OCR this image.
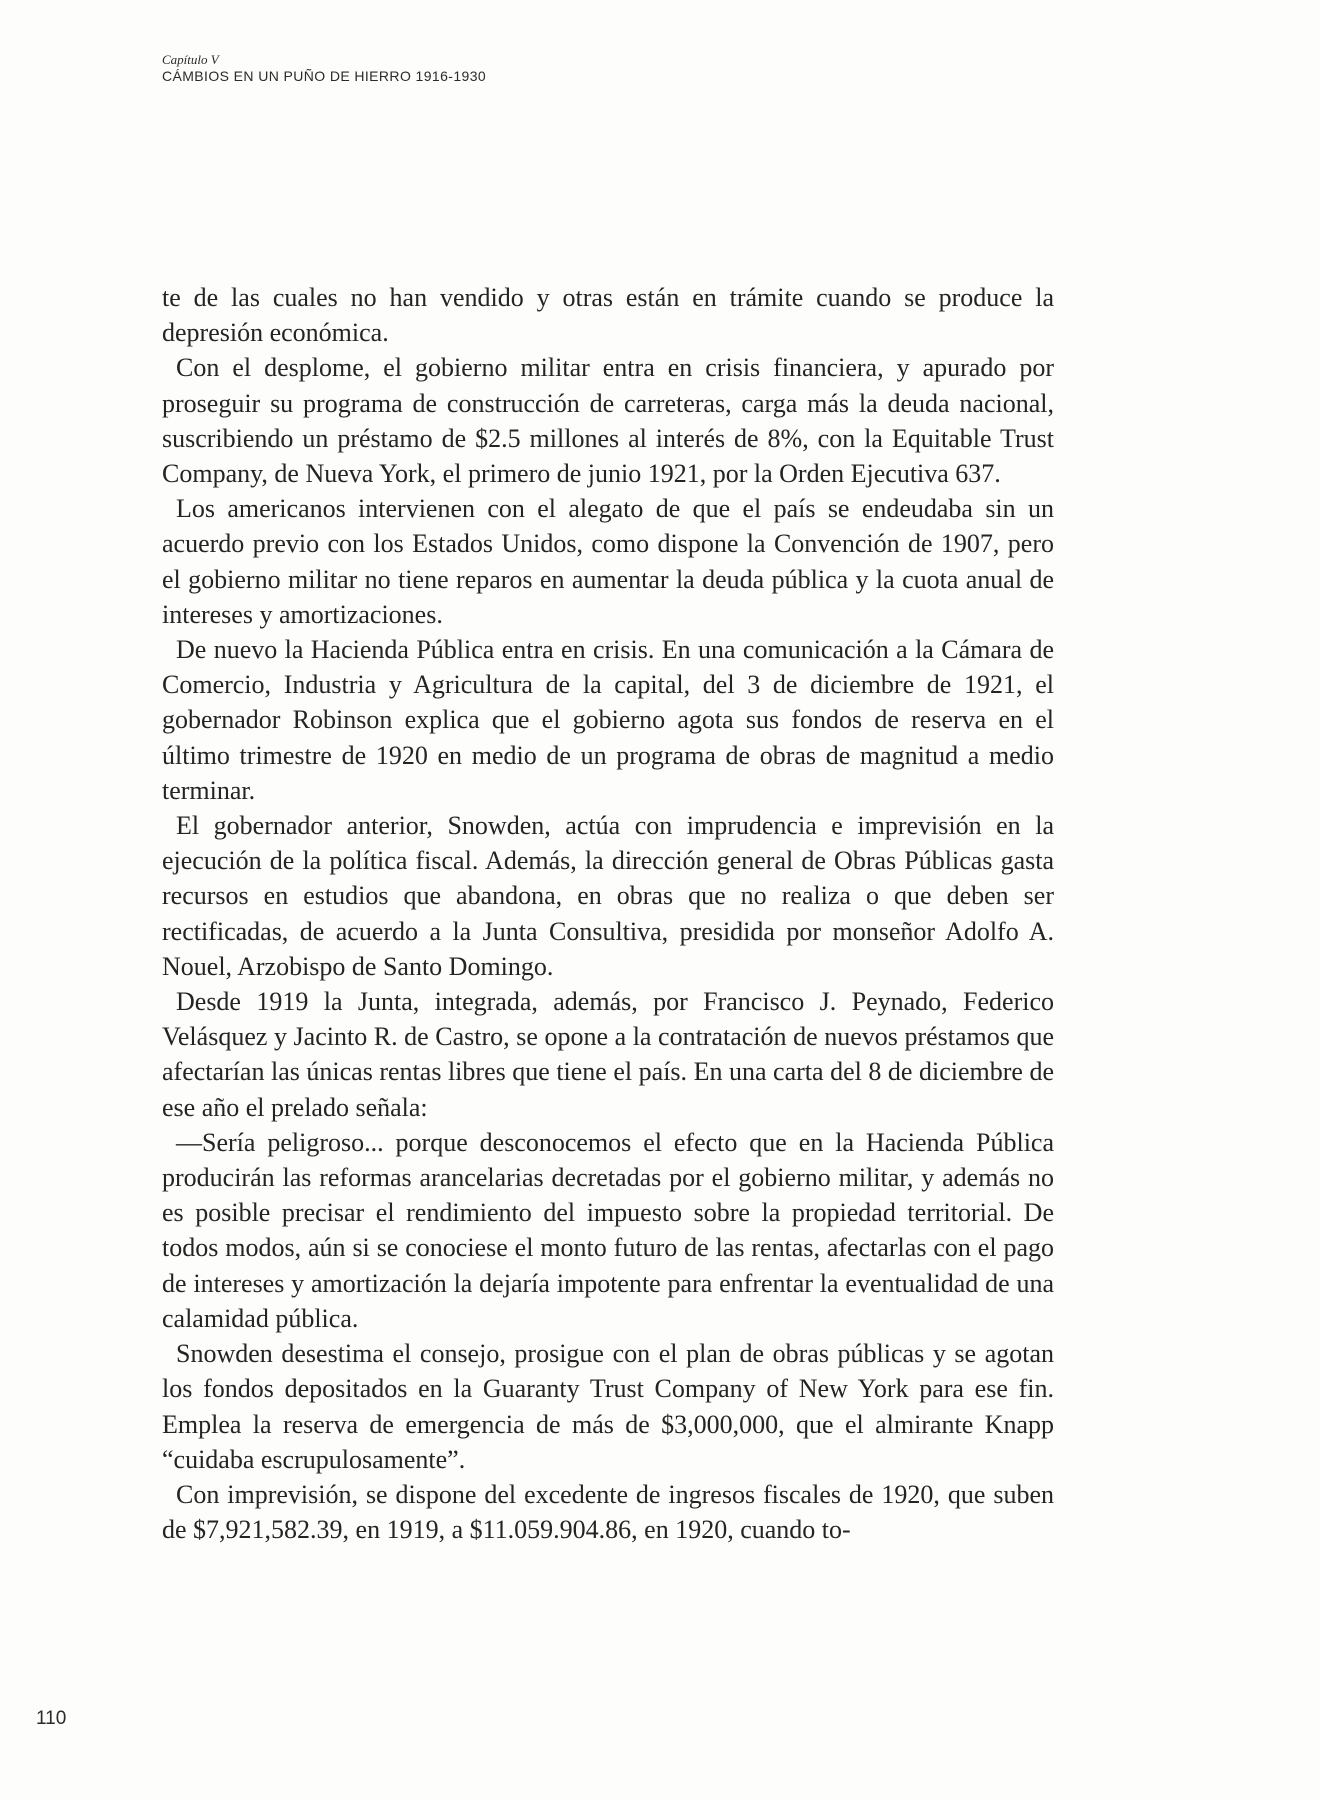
Capítulo V
CÁMBIOS EN UN PUÑO DE HIERRO 1916-1930

te de las cuales no han vendido y otras están en trámite cuando se produce la depresión económica.

Con el desplome, el gobierno militar entra en crisis financiera, y apurado por proseguir su programa de construcción de carreteras, carga más la deuda nacional, suscribiendo un préstamo de $2.5 millones al interés de 8%, con la Equitable Trust Company, de Nueva York, el primero de junio 1921, por la Orden Ejecutiva 637.

Los americanos intervienen con el alegato de que el país se endeudaba sin un acuerdo previo con los Estados Unidos, como dispone la Convención de 1907, pero el gobierno militar no tiene reparos en aumentar la deuda pública y la cuota anual de intereses y amortizaciones.

De nuevo la Hacienda Pública entra en crisis. En una comunicación a la Cámara de Comercio, Industria y Agricultura de la capital, del 3 de diciembre de 1921, el gobernador Robinson explica que el gobierno agota sus fondos de reserva en el último trimestre de 1920 en medio de un programa de obras de magnitud a medio terminar.

El gobernador anterior, Snowden, actúa con imprudencia e imprevisión en la ejecución de la política fiscal. Además, la dirección general de Obras Públicas gasta recursos en estudios que abandona, en obras que no realiza o que deben ser rectificadas, de acuerdo a la Junta Consultiva, presidida por monseñor Adolfo A. Nouel, Arzobispo de Santo Domingo.

Desde 1919 la Junta, integrada, además, por Francisco J. Peynado, Federico Velásquez y Jacinto R. de Castro, se opone a la contratación de nuevos préstamos que afectarían las únicas rentas libres que tiene el país. En una carta del 8 de diciembre de ese año el prelado señala:

—Sería peligroso... porque desconocemos el efecto que en la Hacienda Pública producirán las reformas arancelarias decretadas por el gobierno militar, y además no es posible precisar el rendimiento del impuesto sobre la propiedad territorial. De todos modos, aún si se conociese el monto futuro de las rentas, afectarlas con el pago de intereses y amortización la dejaría impotente para enfrentar la eventualidad de una calamidad pública.

Snowden desestima el consejo, prosigue con el plan de obras públicas y se agotan los fondos depositados en la Guaranty Trust Company of New York para ese fin. Emplea la reserva de emergencia de más de $3,000,000, que el almirante Knapp “cuidaba escrupulosamente”.

Con imprevisión, se dispone del excedente de ingresos fiscales de 1920, que suben de $7,921,582.39, en 1919, a $11.059.904.86, en 1920, cuando to-

110
